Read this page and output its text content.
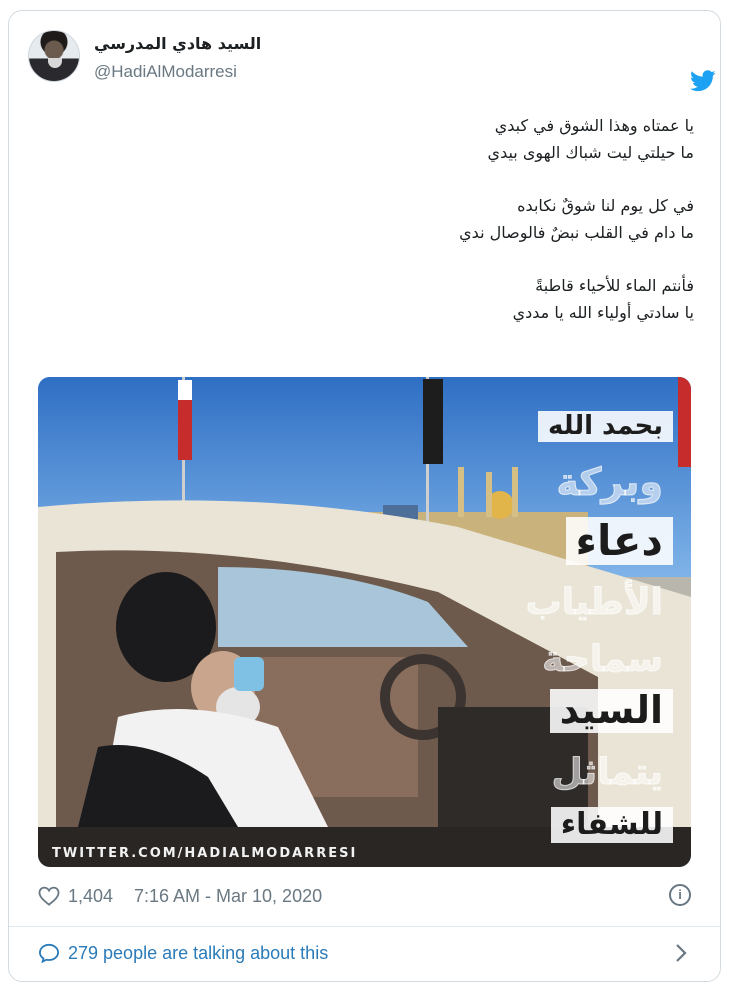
السيد هادي المدرسي
@HadiAlModarresi
يا عمتاه وهذا الشوق في كبدي
ما حيلتي ليت شباك الهوى بيدي
في كل يوم لنا شوقٌ نكابده
ما دام في القلب نبضٌ فالوصال ندي
فأنتم الماء للأحياء قاطبةً
يا سادتي أولياء الله يا مددي
بحمد الله
وبركة
دعاء
الأطياب
سماحة
السيد
يتماثل
للشفاء
TWITTER.COM/HADIALMODARRESI
1,404 7:16 AM - Mar 10, 2020	i
279 people are talking about this
